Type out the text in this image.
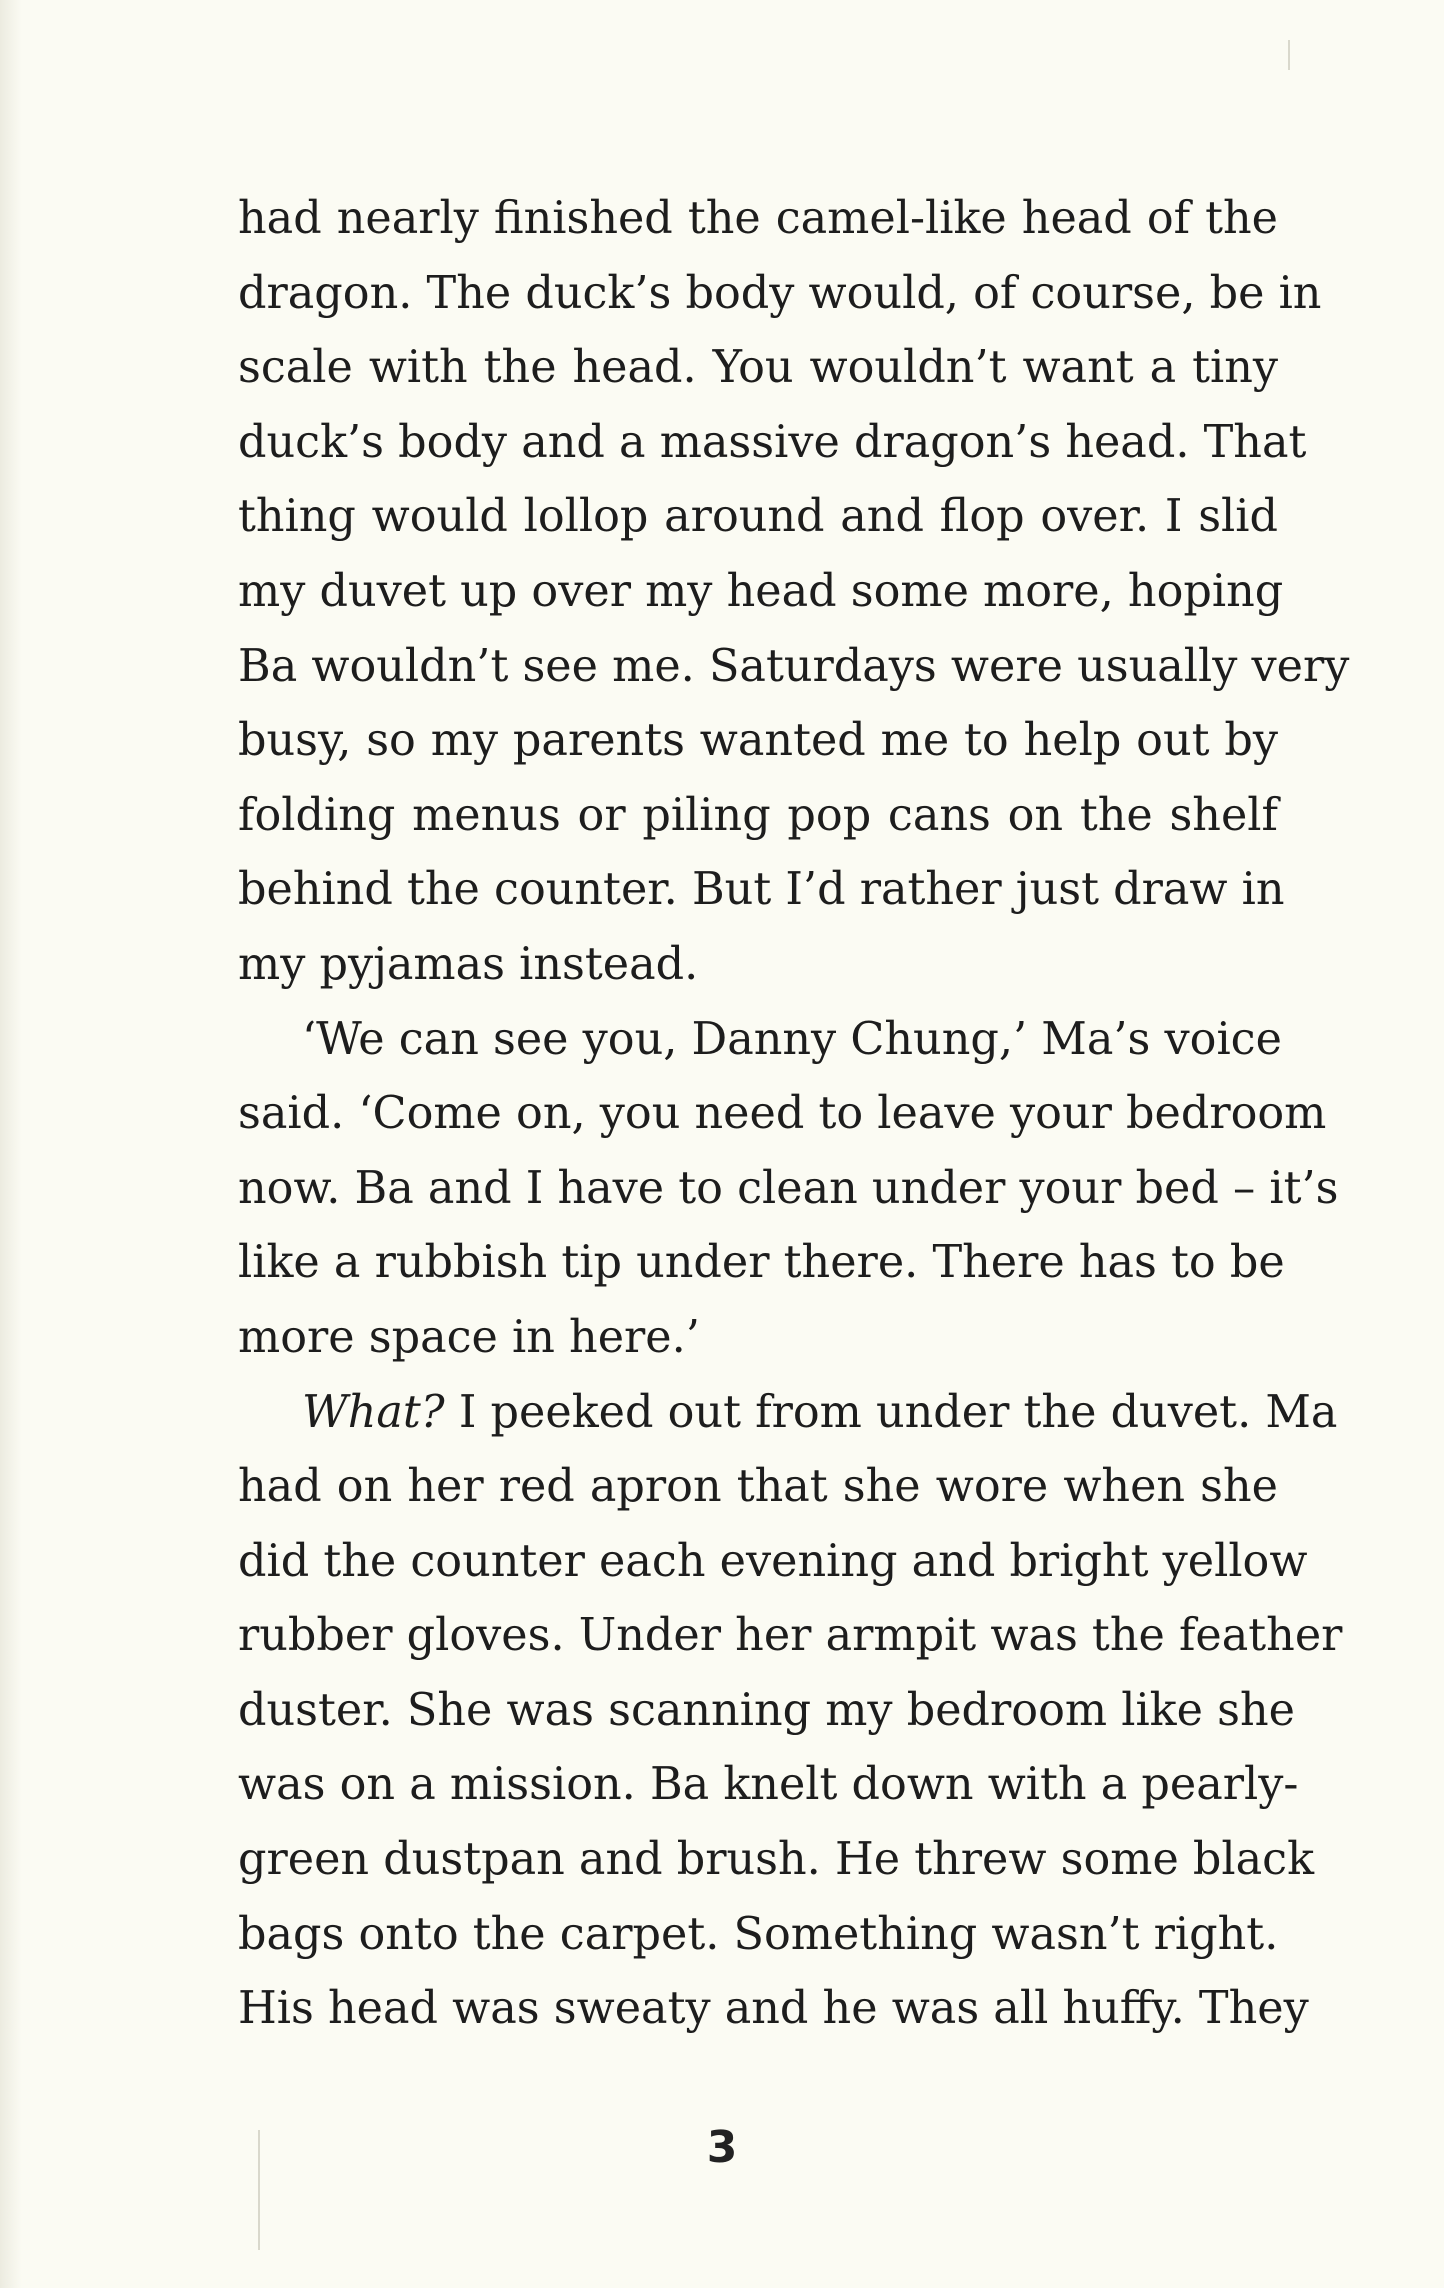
had nearly finished the camel-like head of the
dragon. The duck’s body would, of course, be in
scale with the head. You wouldn’t want a tiny
duck’s body and a massive dragon’s head. That
thing would lollop around and flop over. I slid
my duvet up over my head some more, hoping
Ba wouldn’t see me. Saturdays were usually very
busy, so my parents wanted me to help out by
folding menus or piling pop cans on the shelf
behind the counter. But I’d rather just draw in
my pyjamas instead.
‘We can see you, Danny Chung,’ Ma’s voice
said. ‘Come on, you need to leave your bedroom
now. Ba and I have to clean under your bed – it’s
like a rubbish tip under there. There has to be
more space in here.’
What? I peeked out from under the duvet. Ma
had on her red apron that she wore when she
did the counter each evening and bright yellow
rubber gloves. Under her armpit was the feather
duster. She was scanning my bedroom like she
was on a mission. Ba knelt down with a pearly-
green dustpan and brush. He threw some black
bags onto the carpet. Something wasn’t right.
His head was sweaty and he was all huffy. They
3
